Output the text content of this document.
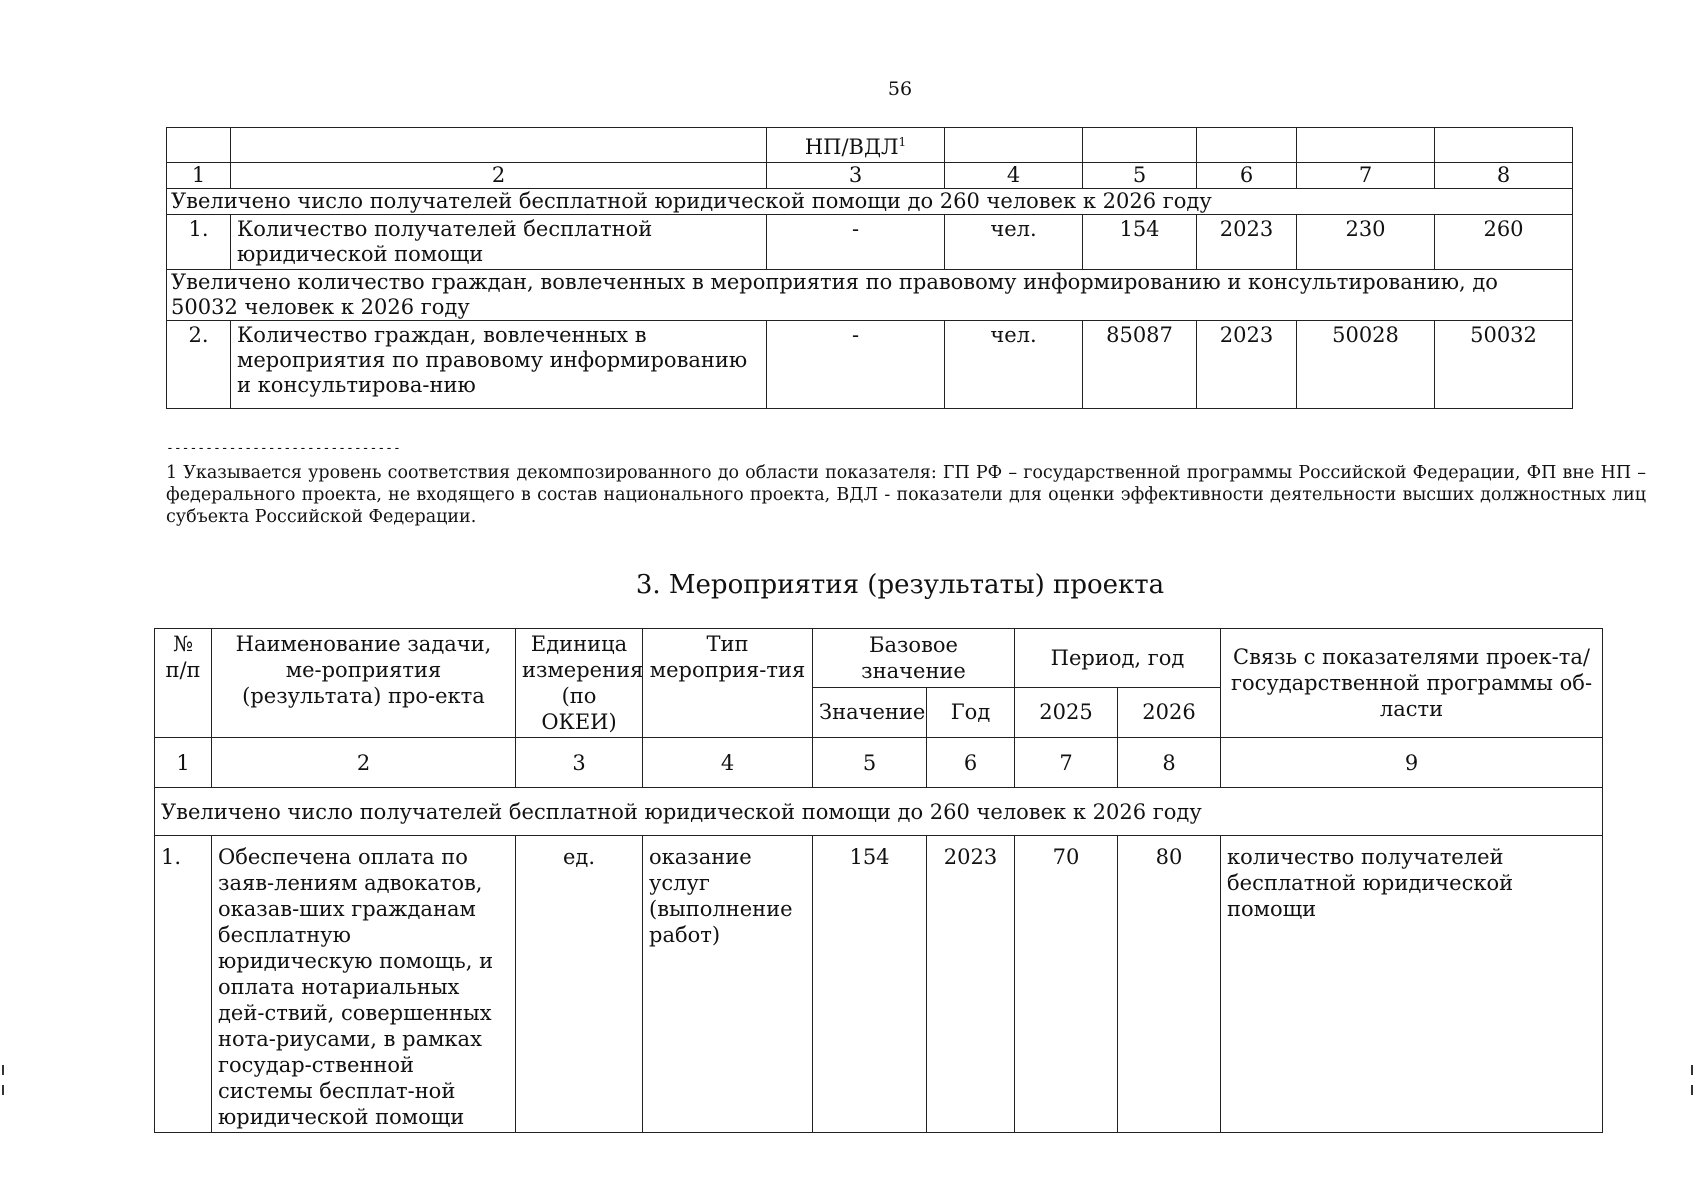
56
		НП/ВДЛ$^1$					
1	2	3	4	5	6	7	8
Увеличено число получателей бесплатной юридической помощи до 260 человек к 2026 году							
1.	Количество получателей бесплатной юридической помощи	-	чел.	154	2023	230	260
Увеличено количество граждан, вовлеченных в мероприятия по правовому информированию и консультированию, до 50032 человек к 2026 году							
2.	Количество граждан, вовлеченных в мероприятия по правовому информированию и консультирова-нию	-	чел.	85087	2023	50028	50032
------------------------------
1 Указывается уровень соответствия декомпозированного до области показателя: ГП РФ – государственной программы Российской Федерации, ФП вне НП – федерального проекта, не входящего в состав национального проекта, ВДЛ - показатели для оценки эффективности деятельности высших должностных лиц субъекта Российской Федерации.
3. Мероприятия (результаты) проекта
№ п/п	Наименование задачи, ме-роприятия (результата) про-екта	Единица измерения (по ОКЕИ)	Тип мероприя-тия	Базовое значение		Период, год		Связь с показателями проек-та/государственной программы об-ласти
				Значение	Год	2025	2026	
1	2	3	4	5	6	7	8	9
Увеличено число получателей бесплатной юридической помощи до 260 человек к 2026 году								
1.	Обеспечена оплата по заяв-лениям адвокатов, оказав-ших гражданам бесплатную юридическую помощь, и оплата нотариальных дей-ствий, совершенных нота-риусами, в рамках государ-ственной системы бесплат-ной юридической помощи	ед.	оказание услуг (выполнение работ)	154	2023	70	80	количество получателей бесплатной юридической помощи
